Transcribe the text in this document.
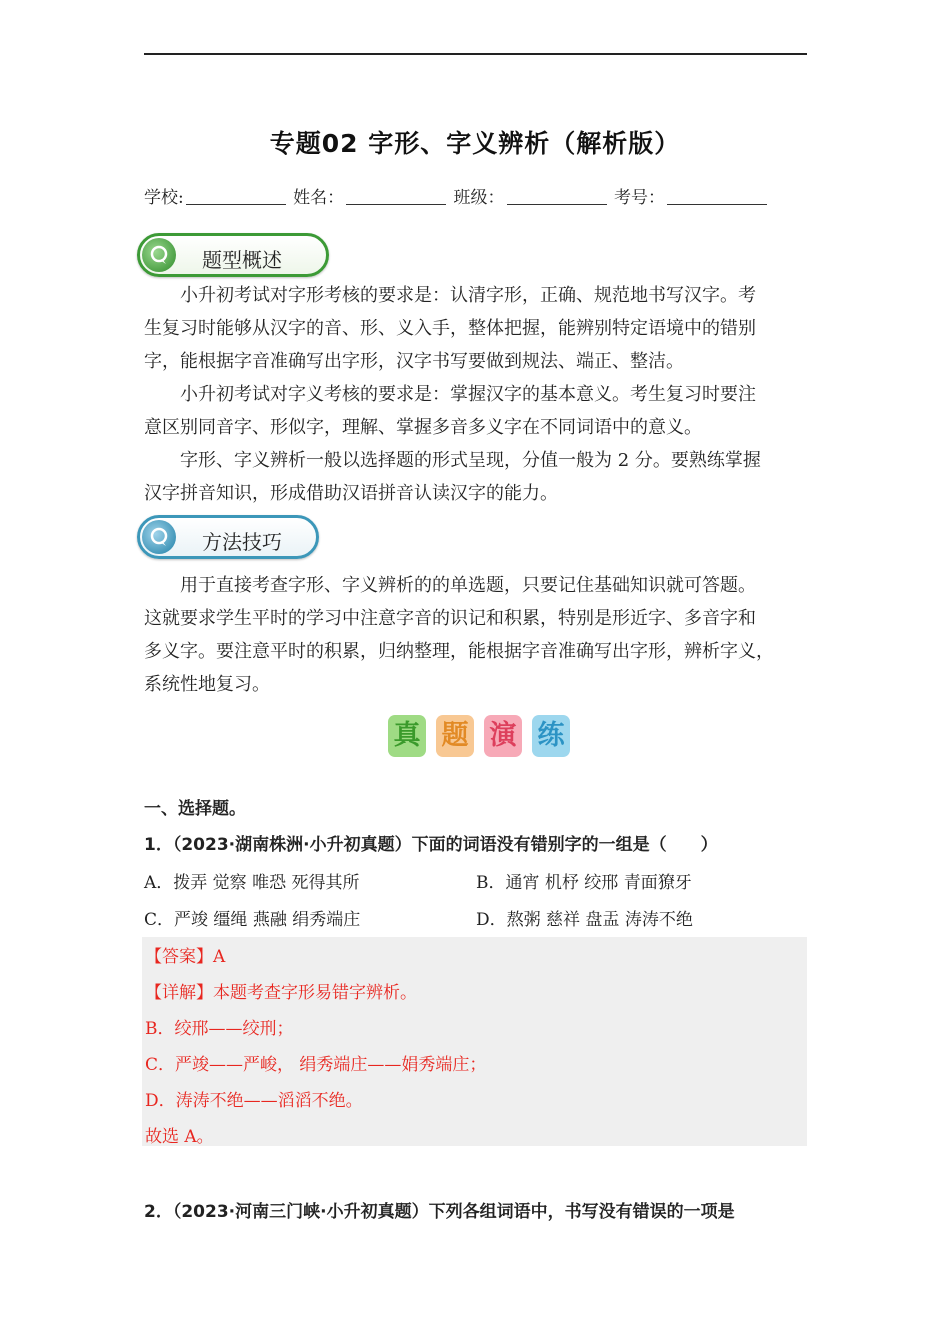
专题02 字形、字义辨析（解析版）
学校:	姓名：	班级：	考号：
题型概述
小升初考试对字形考核的要求是：认清字形，正确、规范地书写汉字。考
生复习时能够从汉字的音、形、义入手，整体把握，能辨别特定语境中的错别
字，能根据字音准确写出字形，汉字书写要做到规法、端正、整洁。
小升初考试对字义考核的要求是：掌握汉字的基本意义。考生复习时要注
意区别同音字、形似字，理解、掌握多音多义字在不同词语中的意义。
字形、字义辨析一般以选择题的形式呈现，分值一般为 2 分。要熟练掌握
汉字拼音知识，形成借助汉语拼音认读汉字的能力。
方法技巧
用于直接考查字形、字义辨析的的单选题，只要记住基础知识就可答题。
这就要求学生平时的学习中注意字音的识记和积累，特别是形近字、多音字和
多义字。要注意平时的积累，归纳整理，能根据字音准确写出字形，辨析字义，
系统性地复习。
真 题 演 练
一、选择题。
1．（2023·湖南株洲·小升初真题）下面的词语没有错别字的一组是（　　）
A．拨弄 觉察 唯恐 死得其所	B．通宵 机杼 绞邢 青面獠牙
C．严竣 缰绳 燕融 绢秀端庄	D．熬粥 慈祥 盘盂 涛涛不绝
【答案】A
【详解】本题考查字形易错字辨析。
B．绞邢——绞刑；
C．严竣——严峻， 绢秀端庄——娟秀端庄；
D．涛涛不绝——滔滔不绝。
故选 A。
2．（2023·河南三门峡·小升初真题）下列各组词语中，书写没有错误的一项是
